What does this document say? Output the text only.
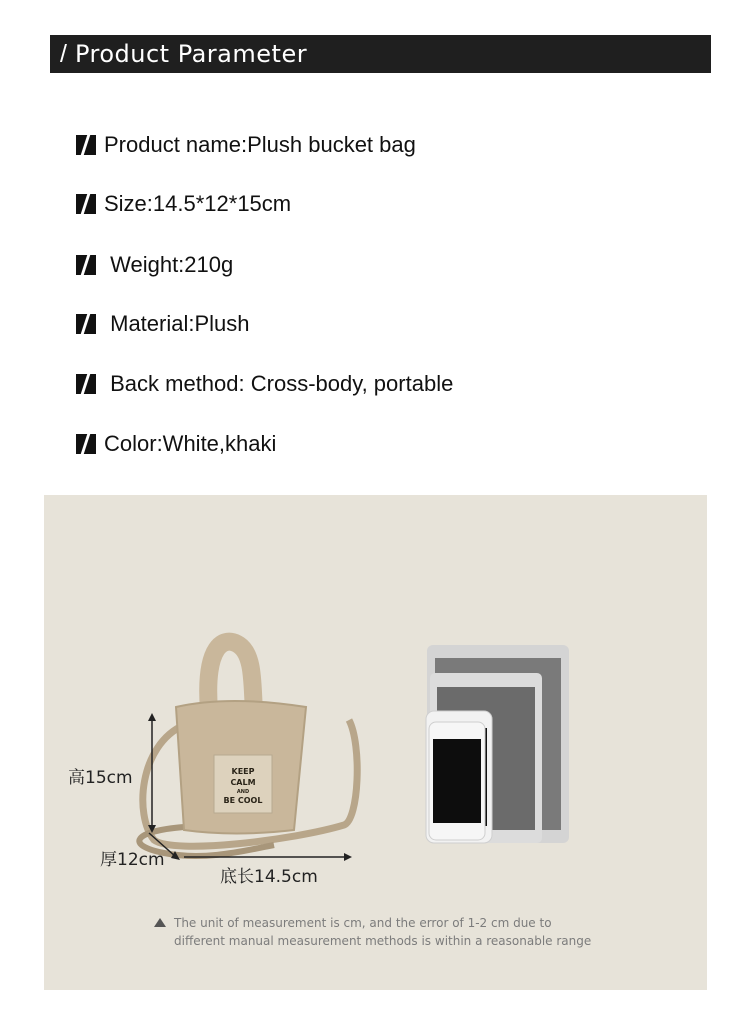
/ Product Parameter
Product name:Plush bucket bag
Size:14.5*12*15cm
Weight:210g
Material:Plush
Back method: Cross-body, portable
Color:White,khaki
KEEP
CALM
AND
BE COOL
高15cm
厚12cm
底长14.5cm
The unit of measurement is cm, and the error of 1-2 cm due to different manual measurement methods is within a reasonable range
